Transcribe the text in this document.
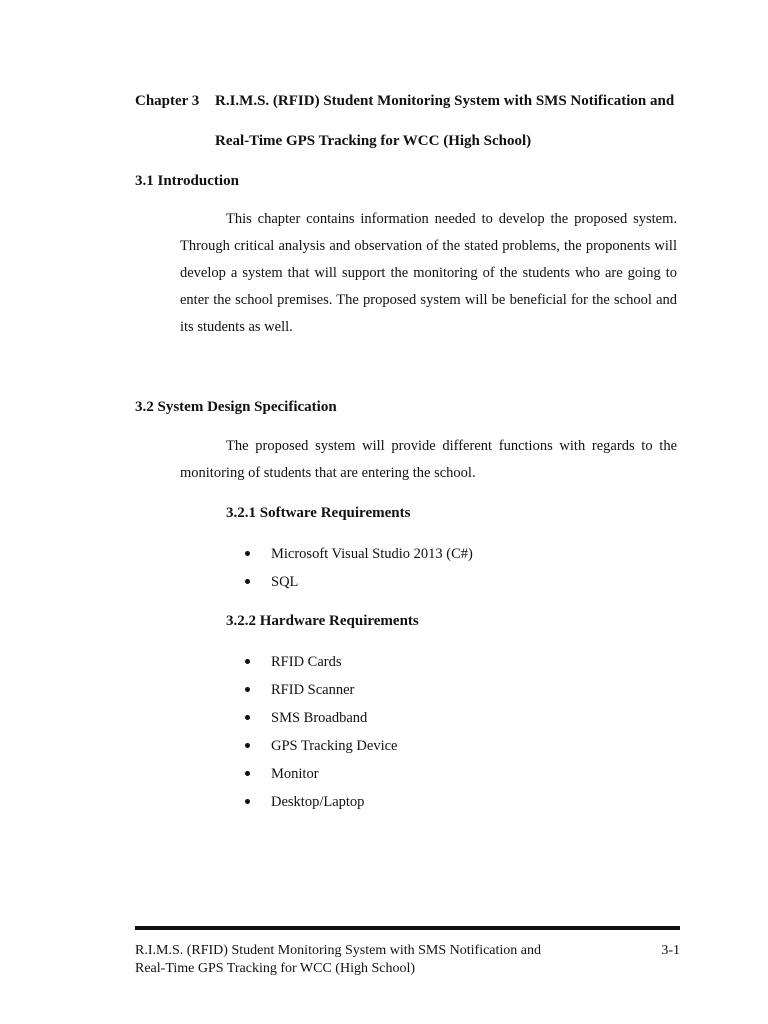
Chapter 3 R.I.M.S. (RFID) Student Monitoring System with SMS Notification and
Real-Time GPS Tracking for WCC (High School)
3.1 Introduction
This chapter contains information needed to develop the proposed system. Through critical analysis and observation of the stated problems, the proponents will develop a system that will support the monitoring of the students who are going to enter the school premises. The proposed system will be beneficial for the school and its students as well.
3.2 System Design Specification
The proposed system will provide different functions with regards to the monitoring of students that are entering the school.
3.2.1 Software Requirements
Microsoft Visual Studio 2013 (C#)
SQL
3.2.2 Hardware Requirements
RFID Cards
RFID Scanner
SMS Broadband
GPS Tracking Device
Monitor
Desktop/Laptop
R.I.M.S. (RFID) Student Monitoring System with SMS Notification and
Real-Time GPS Tracking for WCC (High School)
3-1
